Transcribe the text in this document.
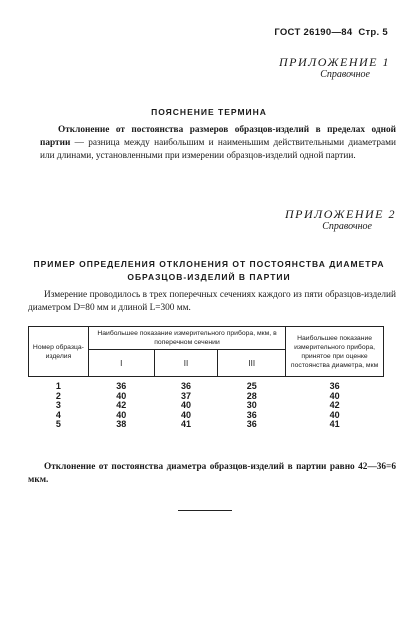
ГОСТ 26190—84 Стр. 5
ПРИЛОЖЕНИЕ 1
Справочное
ПОЯСНЕНИЕ ТЕРМИНА

Отклонение от постоянства размеров образцов-изделий в пределах одной партии — разница между наибольшим и наименьшим действительными диаметрами или длинами, установленными при измерении образцов-изделий одной партии.

ПРИЛОЖЕНИЕ 2
Справочное
ПРИМЕР ОПРЕДЕЛЕНИЯ ОТКЛОНЕНИЯ ОТ ПОСТОЯНСТВА ДИАМЕТРА
ОБРАЗЦОВ-ИЗДЕЛИЙ В ПАРТИИ

Измерение проводилось в трех поперечных сечениях каждого из пяти образцов-изделий диаметром D=80 мм и длиной L=300 мм.

Номер образца-изделия	Наибольшее показание измерительного прибора, мкм, в поперечном сечении			Наибольшее показание измерительного прибора, принятое при оценке постоянства диаметра, мкм
	I	II	III	
1	36	36	25	36
2	40	37	28	40
3	42	40	30	42
4	40	40	36	40
5	38	41	36	41

Отклонение от постоянства диаметра образцов-изделий в партии равно 42—36=6 мкм.
